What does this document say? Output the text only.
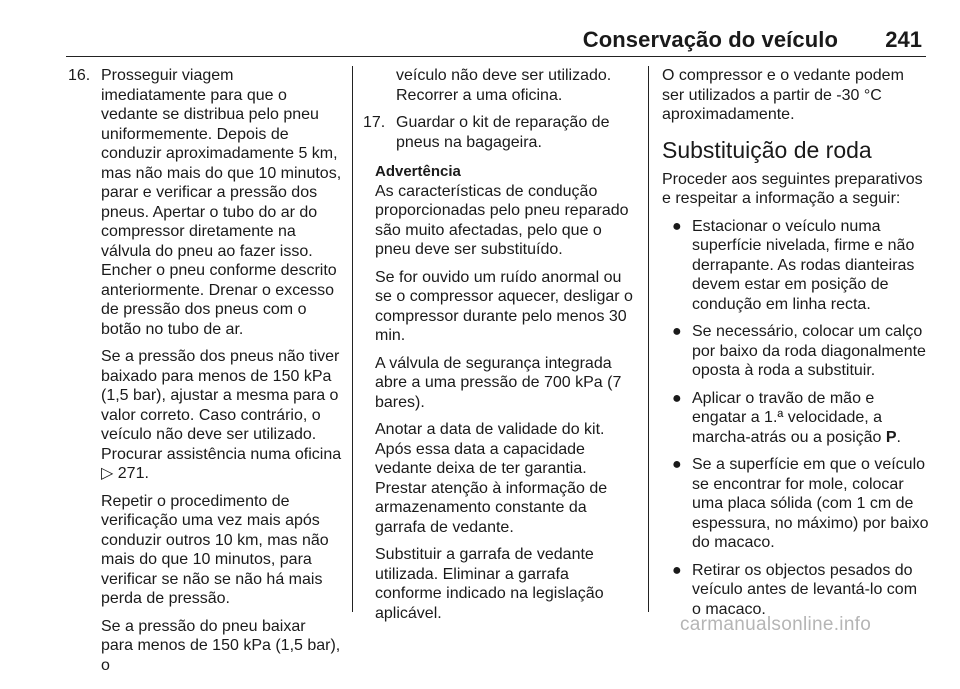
Conservação do veículo 241
16. Prosseguir viagem imediatamente para que o vedante se distribua pelo pneu uniformemente. Depois de conduzir aproximadamente 5 km, mas não mais do que 10 minutos, parar e verificar a pressão dos pneus. Apertar o tubo do ar do compressor diretamente na válvula do pneu ao fazer isso. Encher o pneu conforme descrito anteriormente. Drenar o excesso de pressão dos pneus com o botão no tubo de ar.

Se a pressão dos pneus não tiver baixado para menos de 150 kPa (1,5 bar), ajustar a mesma para o valor correto. Caso contrário, o veículo não deve ser utilizado. Procurar assistência numa oficina ▷ 271.

Repetir o procedimento de verificação uma vez mais após conduzir outros 10 km, mas não mais do que 10 minutos, para verificar se não se não há mais perda de pressão.

Se a pressão do pneu baixar para menos de 150 kPa (1,5 bar), o

veículo não deve ser utilizado. Recorrer a uma oficina.

17. Guardar o kit de reparação de pneus na bagageira.

Advertência

As características de condução proporcionadas pelo pneu reparado são muito afectadas, pelo que o pneu deve ser substituído.

Se for ouvido um ruído anormal ou se o compressor aquecer, desligar o compressor durante pelo menos 30 min.

A válvula de segurança integrada abre a uma pressão de 700 kPa (7 bares).

Anotar a data de validade do kit. Após essa data a capacidade vedante deixa de ter garantia. Prestar atenção à informação de armazenamento constante da garrafa de vedante.

Substituir a garrafa de vedante utilizada. Eliminar a garrafa conforme indicado na legislação aplicável.

O compressor e o vedante podem ser utilizados a partir de -30 °C aproximadamente.

Substituição de roda

Proceder aos seguintes preparativos e respeitar a informação a seguir:

● Estacionar o veículo numa superfície nivelada, firme e não derrapante. As rodas dianteiras devem estar em posição de condução em linha recta.
● Se necessário, colocar um calço por baixo da roda diagonalmente oposta à roda a substituir.
● Aplicar o travão de mão e engatar a 1.ª velocidade, a marcha-atrás ou a posição P.
● Se a superfície em que o veículo se encontrar for mole, colocar uma placa sólida (com 1 cm de espessura, no máximo) por baixo do macaco.
● Retirar os objectos pesados do veículo antes de levantá-lo com o macaco.
carmanualsonline.info
